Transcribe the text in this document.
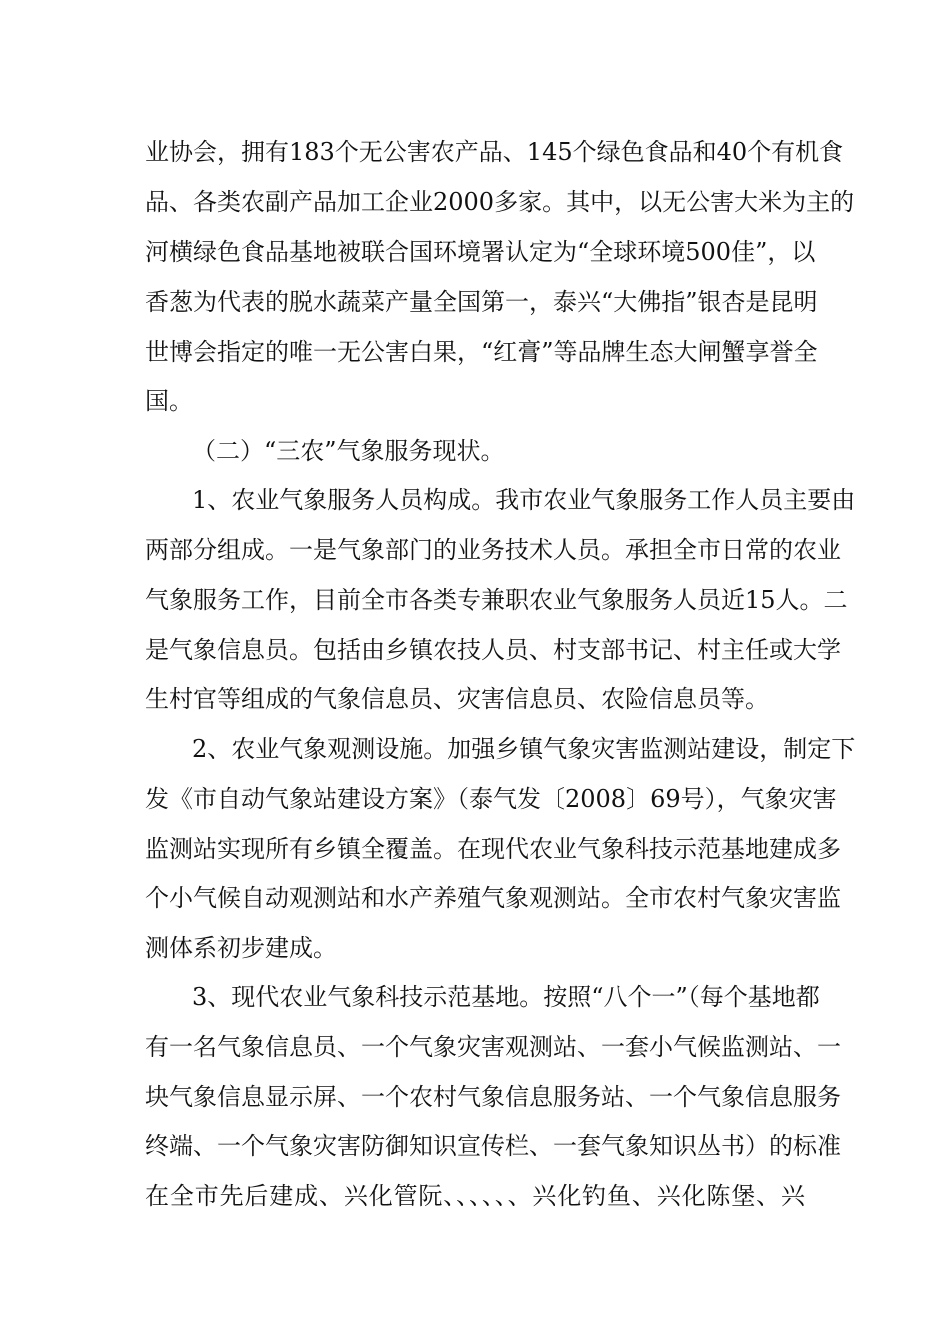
业协会，拥有183个无公害农产品、145个绿色食品和40个有机食
品、各类农副产品加工企业2000多家。其中，以无公害大米为主的
河横绿色食品基地被联合国环境署认定为“全球环境500佳”，以
香葱为代表的脱水蔬菜产量全国第一，泰兴“大佛指”银杏是昆明
世博会指定的唯一无公害白果，“红膏”等品牌生态大闸蟹享誉全
国。
（二）“三农”气象服务现状。
1、农业气象服务人员构成。我市农业气象服务工作人员主要由
两部分组成。一是气象部门的业务技术人员。承担全市日常的农业
气象服务工作，目前全市各类专兼职农业气象服务人员近15人。二
是气象信息员。包括由乡镇农技人员、村支部书记、村主任或大学
生村官等组成的气象信息员、灾害信息员、农险信息员等。
2、农业气象观测设施。加强乡镇气象灾害监测站建设，制定下
发《市自动气象站建设方案》（泰气发〔2008〕69号），气象灾害
监测站实现所有乡镇全覆盖。在现代农业气象科技示范基地建成多
个小气候自动观测站和水产养殖气象观测站。全市农村气象灾害监
测体系初步建成。
3、现代农业气象科技示范基地。按照“八个一”（每个基地都
有一名气象信息员、一个气象灾害观测站、一套小气候监测站、一
块气象信息显示屏、一个农村气象信息服务站、一个气象信息服务
终端、一个气象灾害防御知识宣传栏、一套气象知识丛书）的标准
在全市先后建成、兴化管阮、、、、、、兴化钓鱼、兴化陈堡、兴
